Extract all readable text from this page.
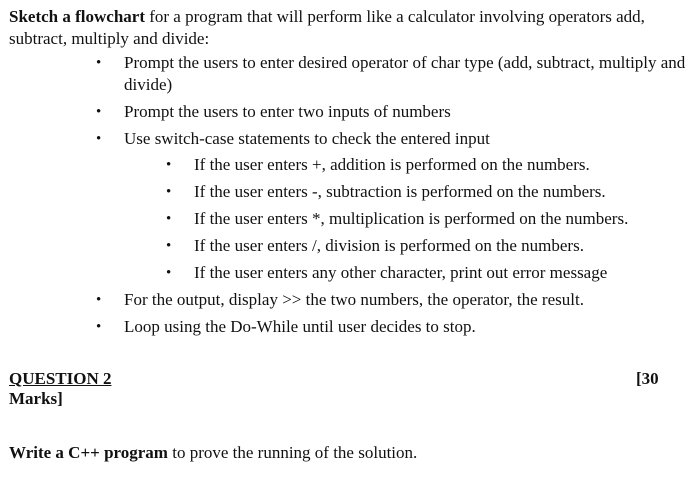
Sketch a flowchart for a program that will perform like a calculator involving operators add, subtract, multiply and divide:

•	Prompt the users to enter desired operator of char type (add, subtract, multiply and divide)
•	Prompt the users to enter two inputs of numbers
•	Use switch-case statements to check the entered input
•	If the user enters +, addition is performed on the numbers.
•	If the user enters -, subtraction is performed on the numbers.
•	If the user enters *, multiplication is performed on the numbers.
•	If the user enters /, division is performed on the numbers.
•	If the user enters any other character, print out error message
•	For the output, display >> the two numbers, the operator, the result.
•	Loop using the Do-While until user decides to stop.

QUESTION 2
Marks]

[30

Write a C++ program to prove the running of the solution.
